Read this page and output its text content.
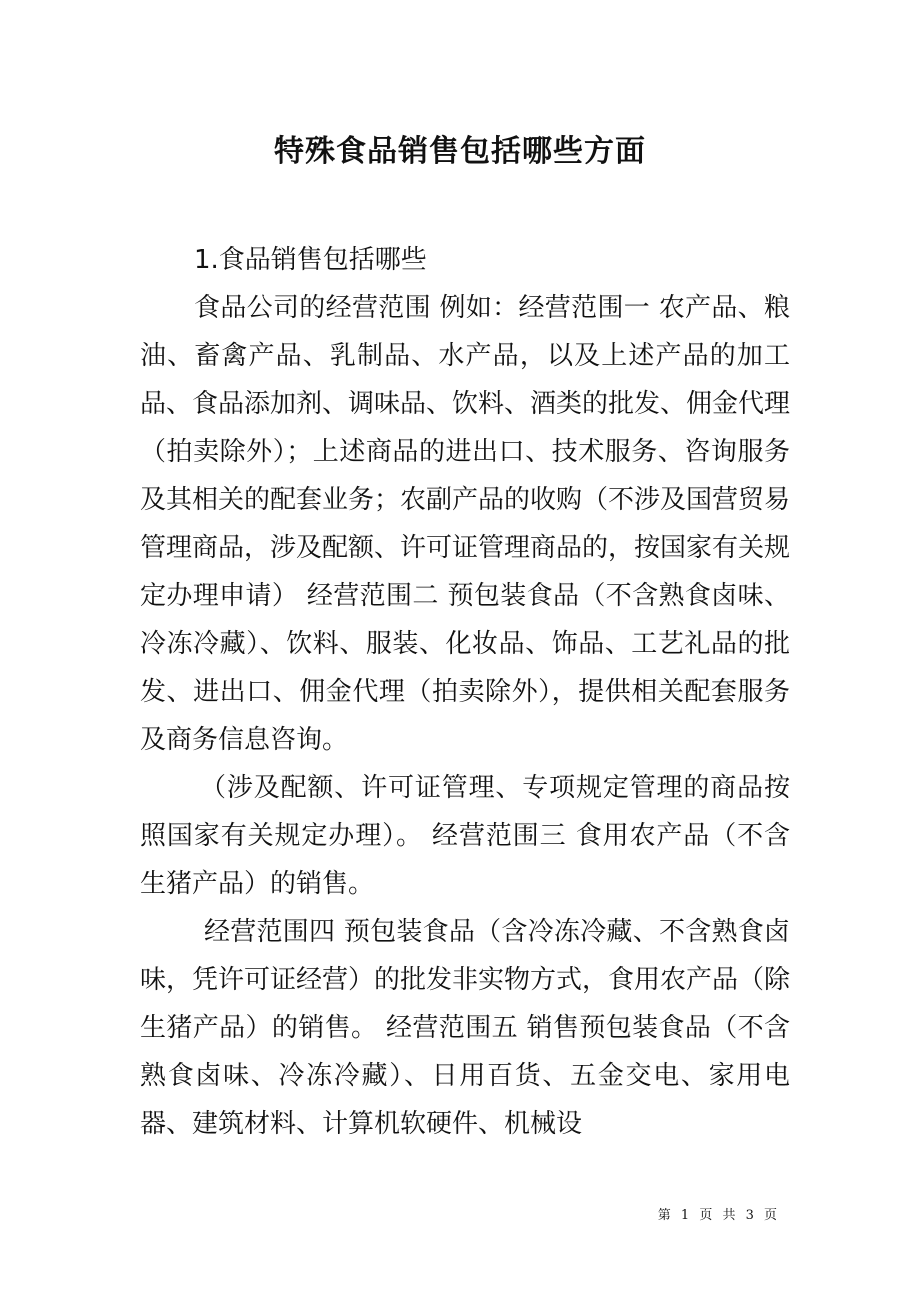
特殊食品销售包括哪些方面

1.食品销售包括哪些

食品公司的经营范围 例如：经营范围一 农产品、粮油、畜禽产品、乳制品、水产品，以及上述产品的加工品、食品添加剂、调味品、饮料、酒类的批发、佣金代理（拍卖除外）；上述商品的进出口、技术服务、咨询服务及其相关的配套业务；农副产品的收购（不涉及国营贸易管理商品，涉及配额、许可证管理商品的，按国家有关规定办理申请） 经营范围二 预包装食品（不含熟食卤味、冷冻冷藏）、饮料、服装、化妆品、饰品、工艺礼品的批发、进出口、佣金代理（拍卖除外），提供相关配套服务及商务信息咨询。

（涉及配额、许可证管理、专项规定管理的商品按照国家有关规定办理）。 经营范围三 食用农产品（不含生猪产品）的销售。

经营范围四 预包装食品（含冷冻冷藏、不含熟食卤味，凭许可证经营）的批发非实物方式，食用农产品（除生猪产品）的销售。 经营范围五 销售预包装食品（不含熟食卤味、冷冻冷藏）、日用百货、五金交电、家用电器、建筑材料、计算机软硬件、机械设

第 1 页 共 3 页
